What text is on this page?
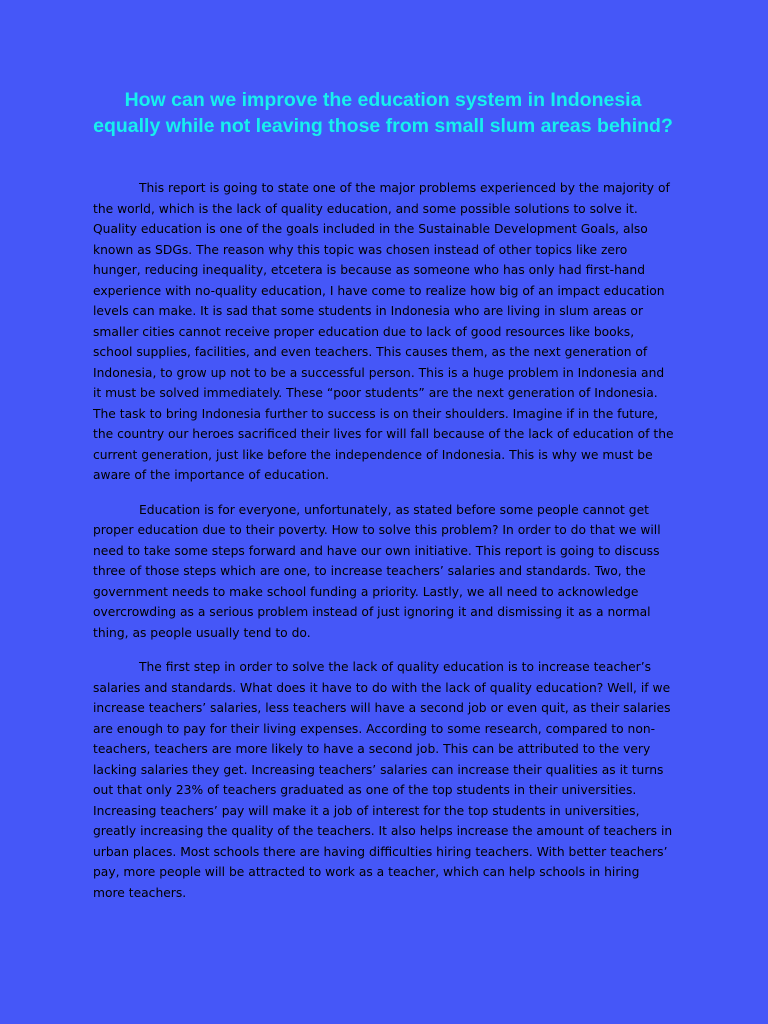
How can we improve the education system in Indonesia equally while not leaving those from small slum areas behind?

This report is going to state one of the major problems experienced by the majority of the world, which is the lack of quality education, and some possible solutions to solve it. Quality education is one of the goals included in the Sustainable Development Goals, also known as SDGs. The reason why this topic was chosen instead of other topics like zero hunger, reducing inequality, etcetera is because as someone who has only had first-hand experience with no-quality education, I have come to realize how big of an impact education levels can make. It is sad that some students in Indonesia who are living in slum areas or smaller cities cannot receive proper education due to lack of good resources like books, school supplies, facilities, and even teachers. This causes them, as the next generation of Indonesia, to grow up not to be a successful person. This is a huge problem in Indonesia and it must be solved immediately. These “poor students” are the next generation of Indonesia. The task to bring Indonesia further to success is on their shoulders. Imagine if in the future, the country our heroes sacrificed their lives for will fall because of the lack of education of the current generation, just like before the independence of Indonesia. This is why we must be aware of the importance of education.

Education is for everyone, unfortunately, as stated before some people cannot get proper education due to their poverty. How to solve this problem? In order to do that we will need to take some steps forward and have our own initiative. This report is going to discuss three of those steps which are one, to increase teachers’ salaries and standards. Two, the government needs to make school funding a priority. Lastly, we all need to acknowledge overcrowding as a serious problem instead of just ignoring it and dismissing it as a normal thing, as people usually tend to do.

The first step in order to solve the lack of quality education is to increase teacher’s salaries and standards. What does it have to do with the lack of quality education? Well, if we increase teachers’ salaries, less teachers will have a second job or even quit, as their salaries are enough to pay for their living expenses. According to some research, compared to non-teachers, teachers are more likely to have a second job. This can be attributed to the very lacking salaries they get. Increasing teachers’ salaries can increase their qualities as it turns out that only 23% of teachers graduated as one of the top students in their universities. Increasing teachers’ pay will make it a job of interest for the top students in universities, greatly increasing the quality of the teachers. It also helps increase the amount of teachers in urban places. Most schools there are having difficulties hiring teachers. With better teachers’ pay, more people will be attracted to work as a teacher, which can help schools in hiring more teachers.
